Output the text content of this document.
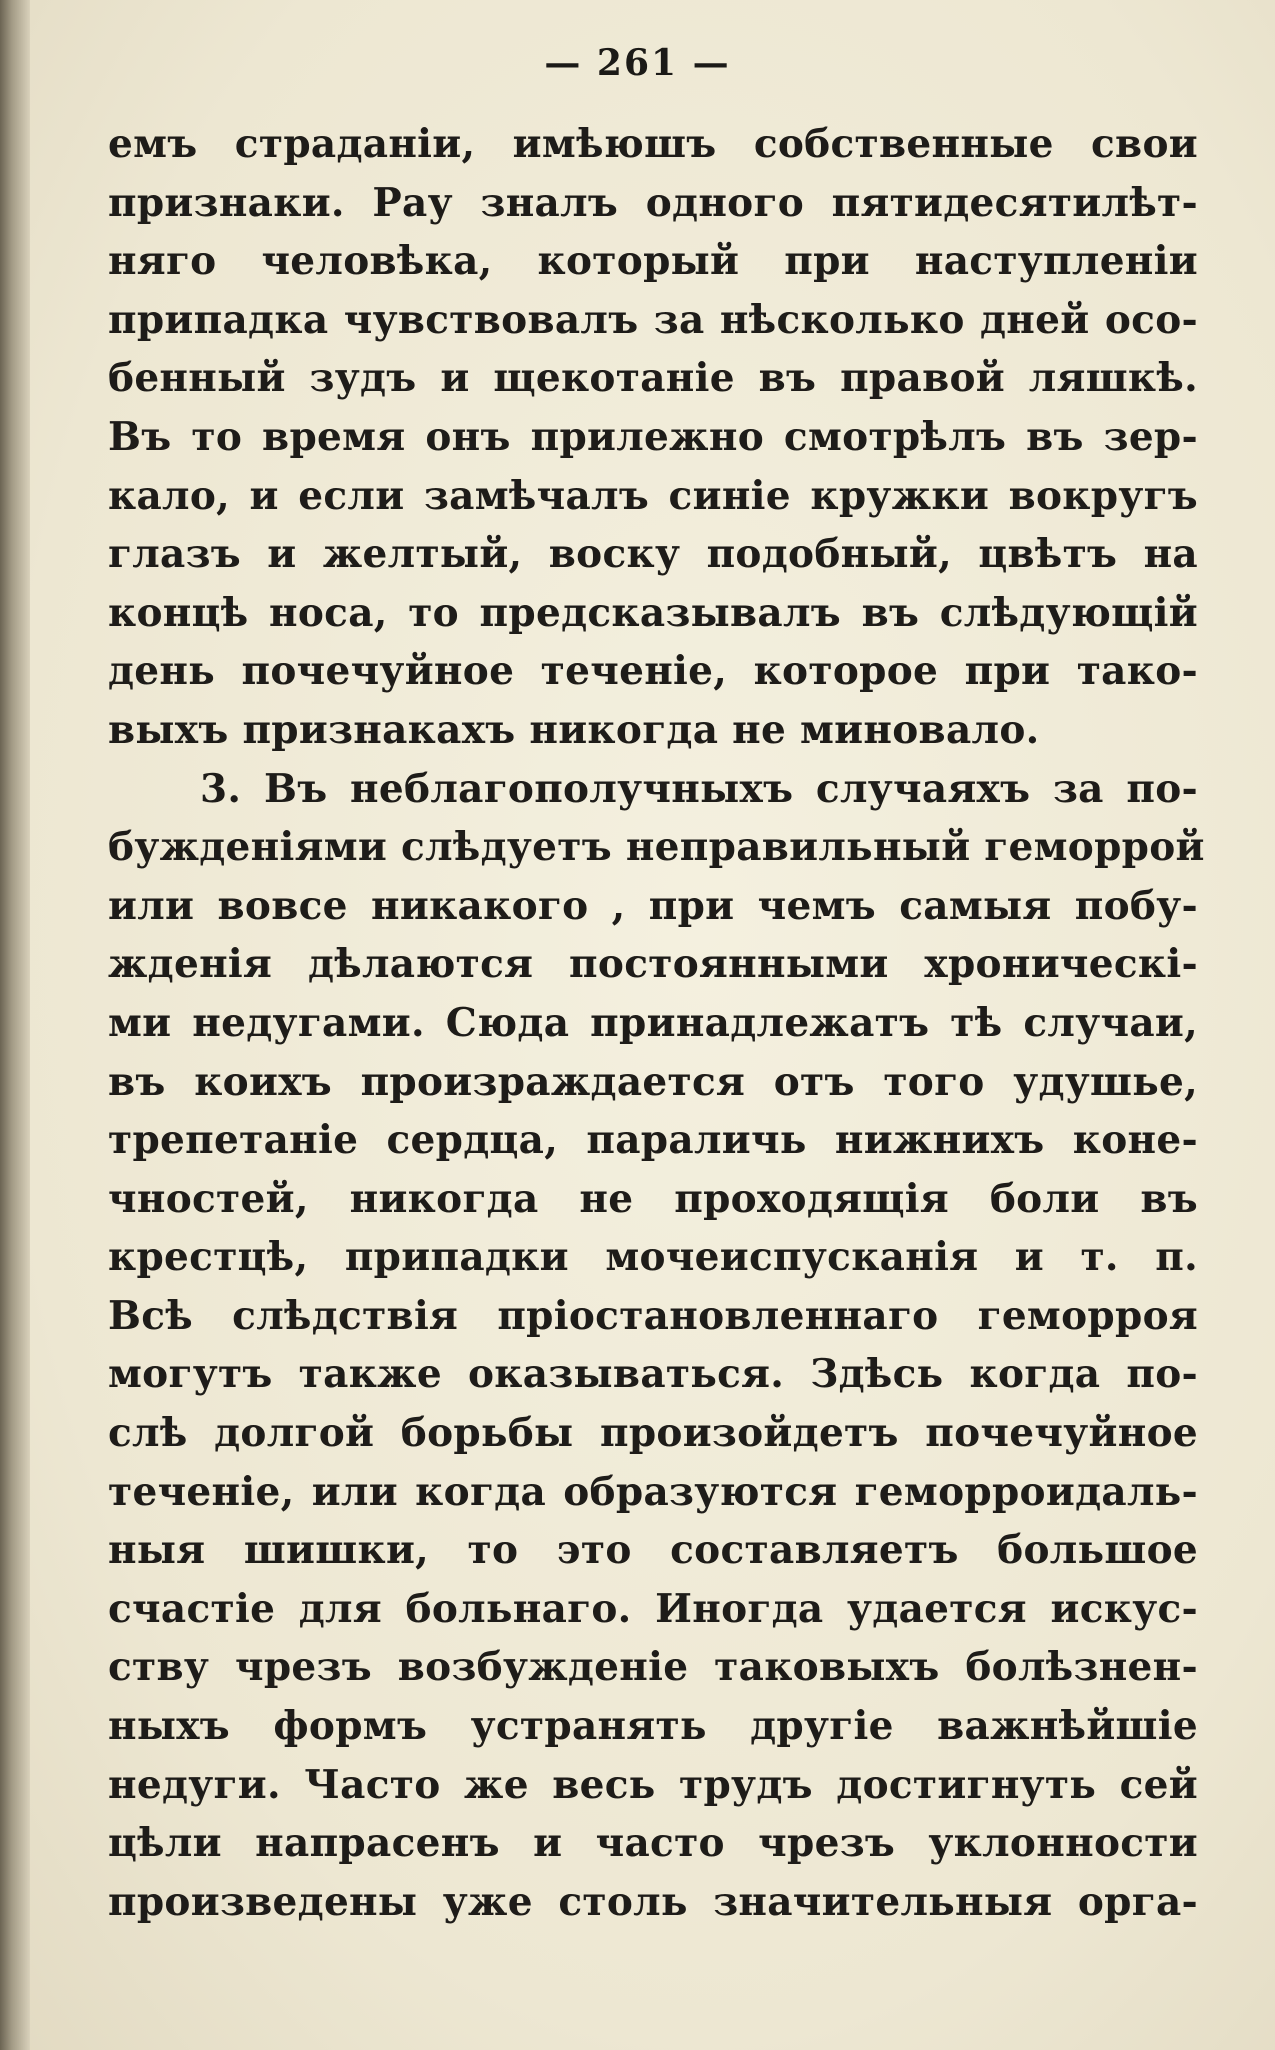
— 261 —
емъ страданіи, имѣюшъ собственные свои
признаки. Рау зналъ одного пятидесятилѣт-
няго человѣка, который при наступленіи
припадка чувствовалъ за нѣсколько дней осо-
бенный зудъ и щекотаніе въ правой ляшкѣ.
Въ то время онъ прилежно смотрѣлъ въ зер-
кало, и если замѣчалъ синіе кружки вокругъ
глазъ и желтый, воску подобный, цвѣтъ на
концѣ носа, то предсказывалъ въ слѣдующій
день почечуйное теченіе, которое при тако-
выхъ признакахъ никогда не миновало.
3. Въ неблагополучныхъ случаяхъ за по-
бужденіями слѣдуетъ неправильный геморрой
или вовсе никакого , при чемъ самыя побу-
жденія дѣлаются постоянными хроническі-
ми недугами. Сюда принадлежатъ тѣ случаи,
въ коихъ произраждается отъ того удушье,
трепетаніе сердца, параличь нижнихъ коне-
чностей, никогда не проходящія боли въ
крестцѣ, припадки мочеиспусканія и т. п.
Всѣ слѣдствія пріостановленнаго геморроя
могутъ также оказываться. Здѣсь когда по-
слѣ долгой борьбы произойдетъ почечуйное
теченіе, или когда образуются геморроидаль-
ныя шишки, то это составляетъ большое
счастіе для больнаго. Иногда удается искус-
ству чрезъ возбужденіе таковыхъ болѣзнен-
ныхъ формъ устранять другіе важнѣйшіе
недуги. Часто же весь трудъ достигнуть сей
цѣли напрасенъ и часто чрезъ уклонности
произведены уже столь значительныя орга-
